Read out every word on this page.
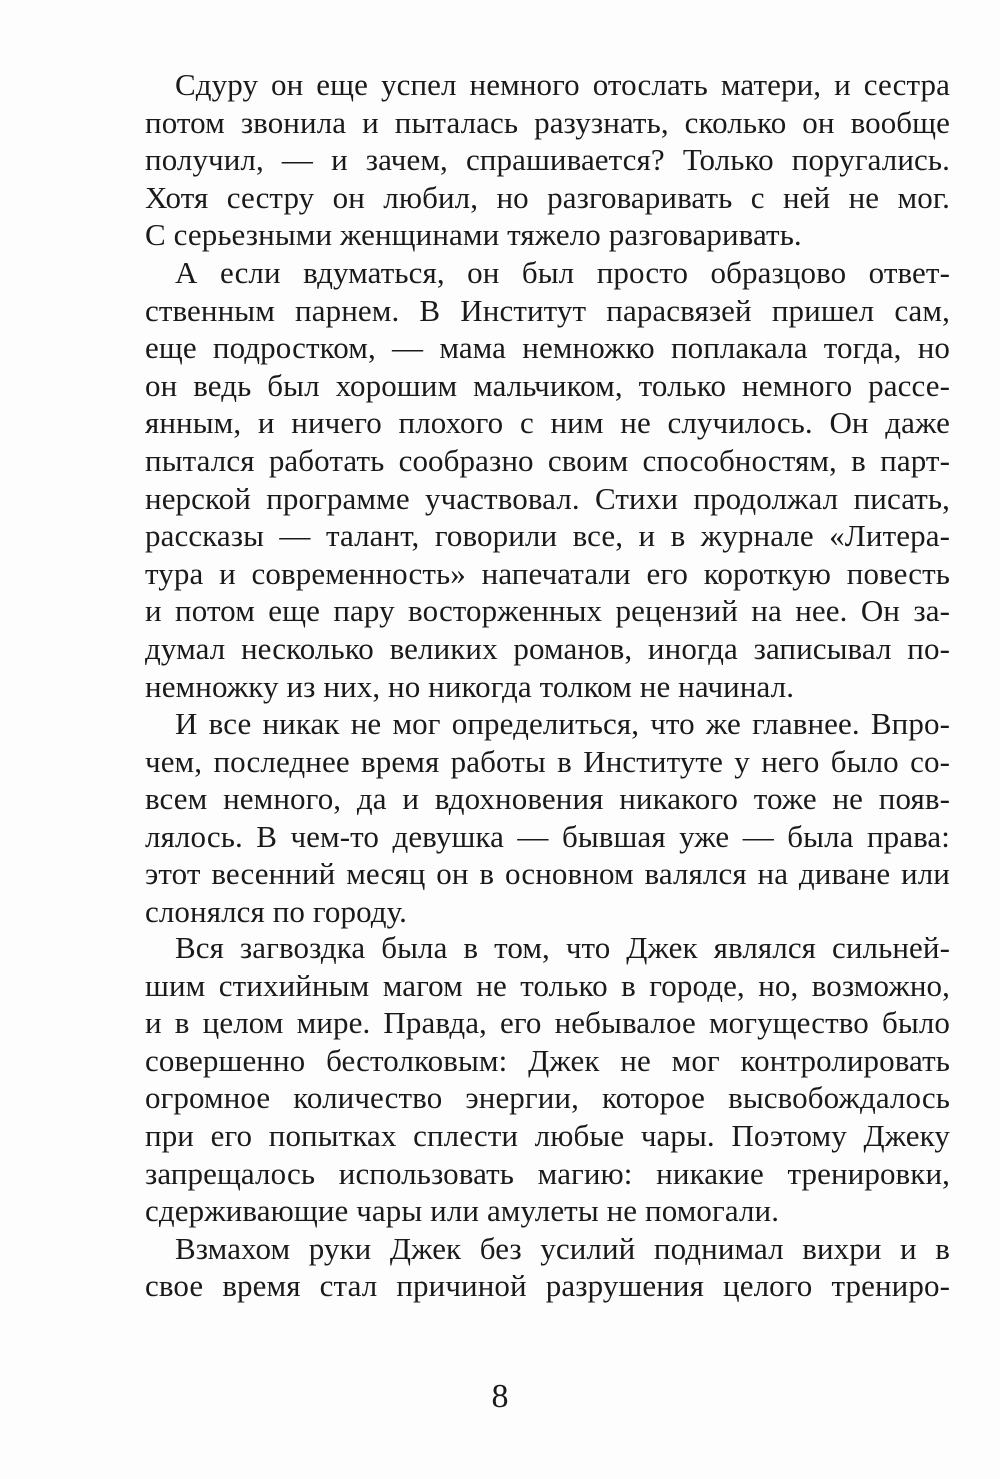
Сдуру он еще успел немного отослать матери, и сестра
потом звонила и пыталась разузнать, сколько он вообще
получил, — и зачем, спрашивается? Только поругались.
Хотя сестру он любил, но разговаривать с ней не мог.
С серьезными женщинами тяжело разговаривать.
А если вдуматься, он был просто образцово ответ-
ственным парнем. В Институт парасвязей пришел сам,
еще подростком, — мама немножко поплакала тогда, но
он ведь был хорошим мальчиком, только немного рассе-
янным, и ничего плохого с ним не случилось. Он даже
пытался работать сообразно своим способностям, в парт-
нерской программе участвовал. Стихи продолжал писать,
рассказы — талант, говорили все, и в журнале «Литера-
тура и современность» напечатали его короткую повесть
и потом еще пару восторженных рецензий на нее. Он за-
думал несколько великих романов, иногда записывал по-
немножку из них, но никогда толком не начинал.
И все никак не мог определиться, что же главнее. Впро-
чем, последнее время работы в Институте у него было со-
всем немного, да и вдохновения никакого тоже не появ-
лялось. В чем-то девушка — бывшая уже — была права:
этот весенний месяц он в основном валялся на диване или
слонялся по городу.
Вся загвоздка была в том, что Джек являлся сильней-
шим стихийным магом не только в городе, но, возможно,
и в целом мире. Правда, его небывалое могущество было
совершенно бестолковым: Джек не мог контролировать
огромное количество энергии, которое высвобождалось
при его попытках сплести любые чары. Поэтому Джеку
запрещалось использовать магию: никакие тренировки,
сдерживающие чары или амулеты не помогали.
Взмахом руки Джек без усилий поднимал вихри и в
свое время стал причиной разрушения целого трениро-
8
